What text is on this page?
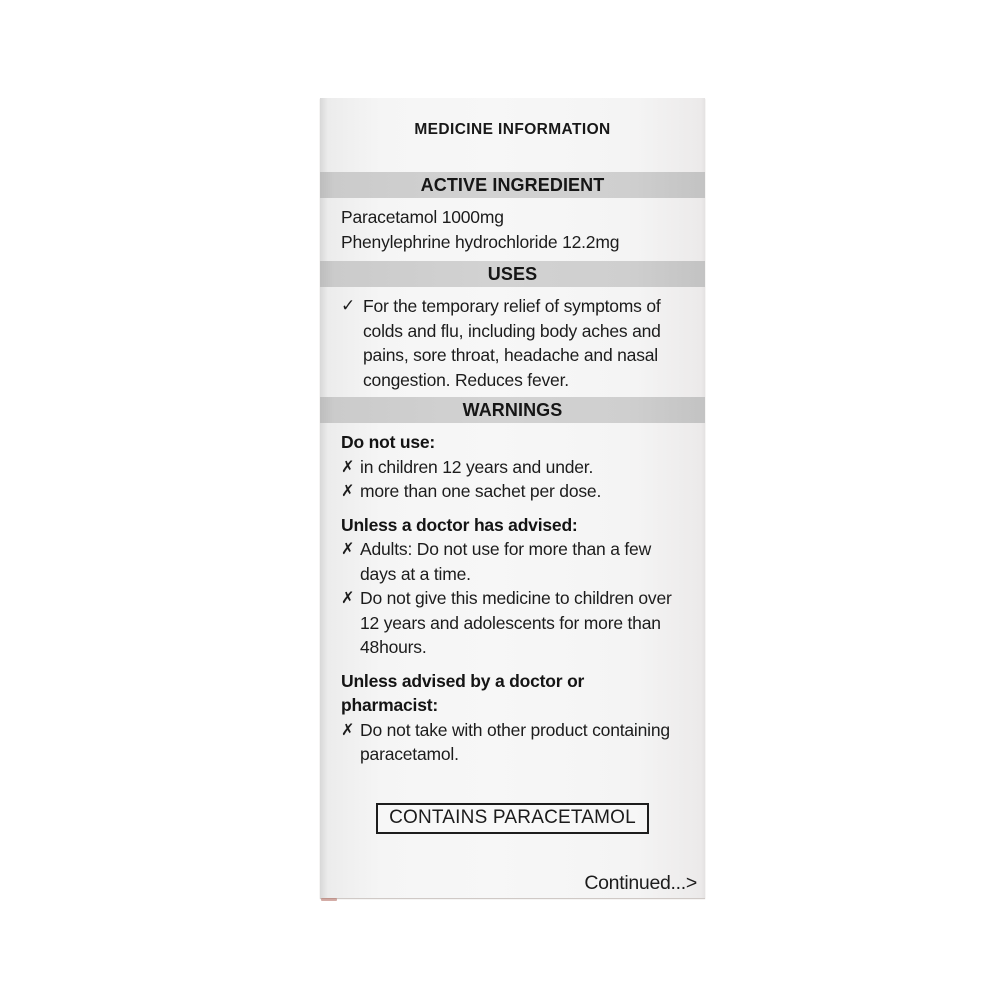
MEDICINE INFORMATION
ACTIVE INGREDIENT
Paracetamol 1000mg
Phenylephrine hydrochloride 12.2mg
USES
✓ For the temporary relief of symptoms of colds and flu, including body aches and pains, sore throat, headache and nasal congestion. Reduces fever.
WARNINGS
Do not use:
✗ in children 12 years and under.
✗ more than one sachet per dose.
Unless a doctor has advised:
✗ Adults: Do not use for more than a few days at a time.
✗ Do not give this medicine to children over 12 years and adolescents for more than 48hours.
Unless advised by a doctor or pharmacist:
✗ Do not take with other product containing paracetamol.
CONTAINS PARACETAMOL
Continued...>
